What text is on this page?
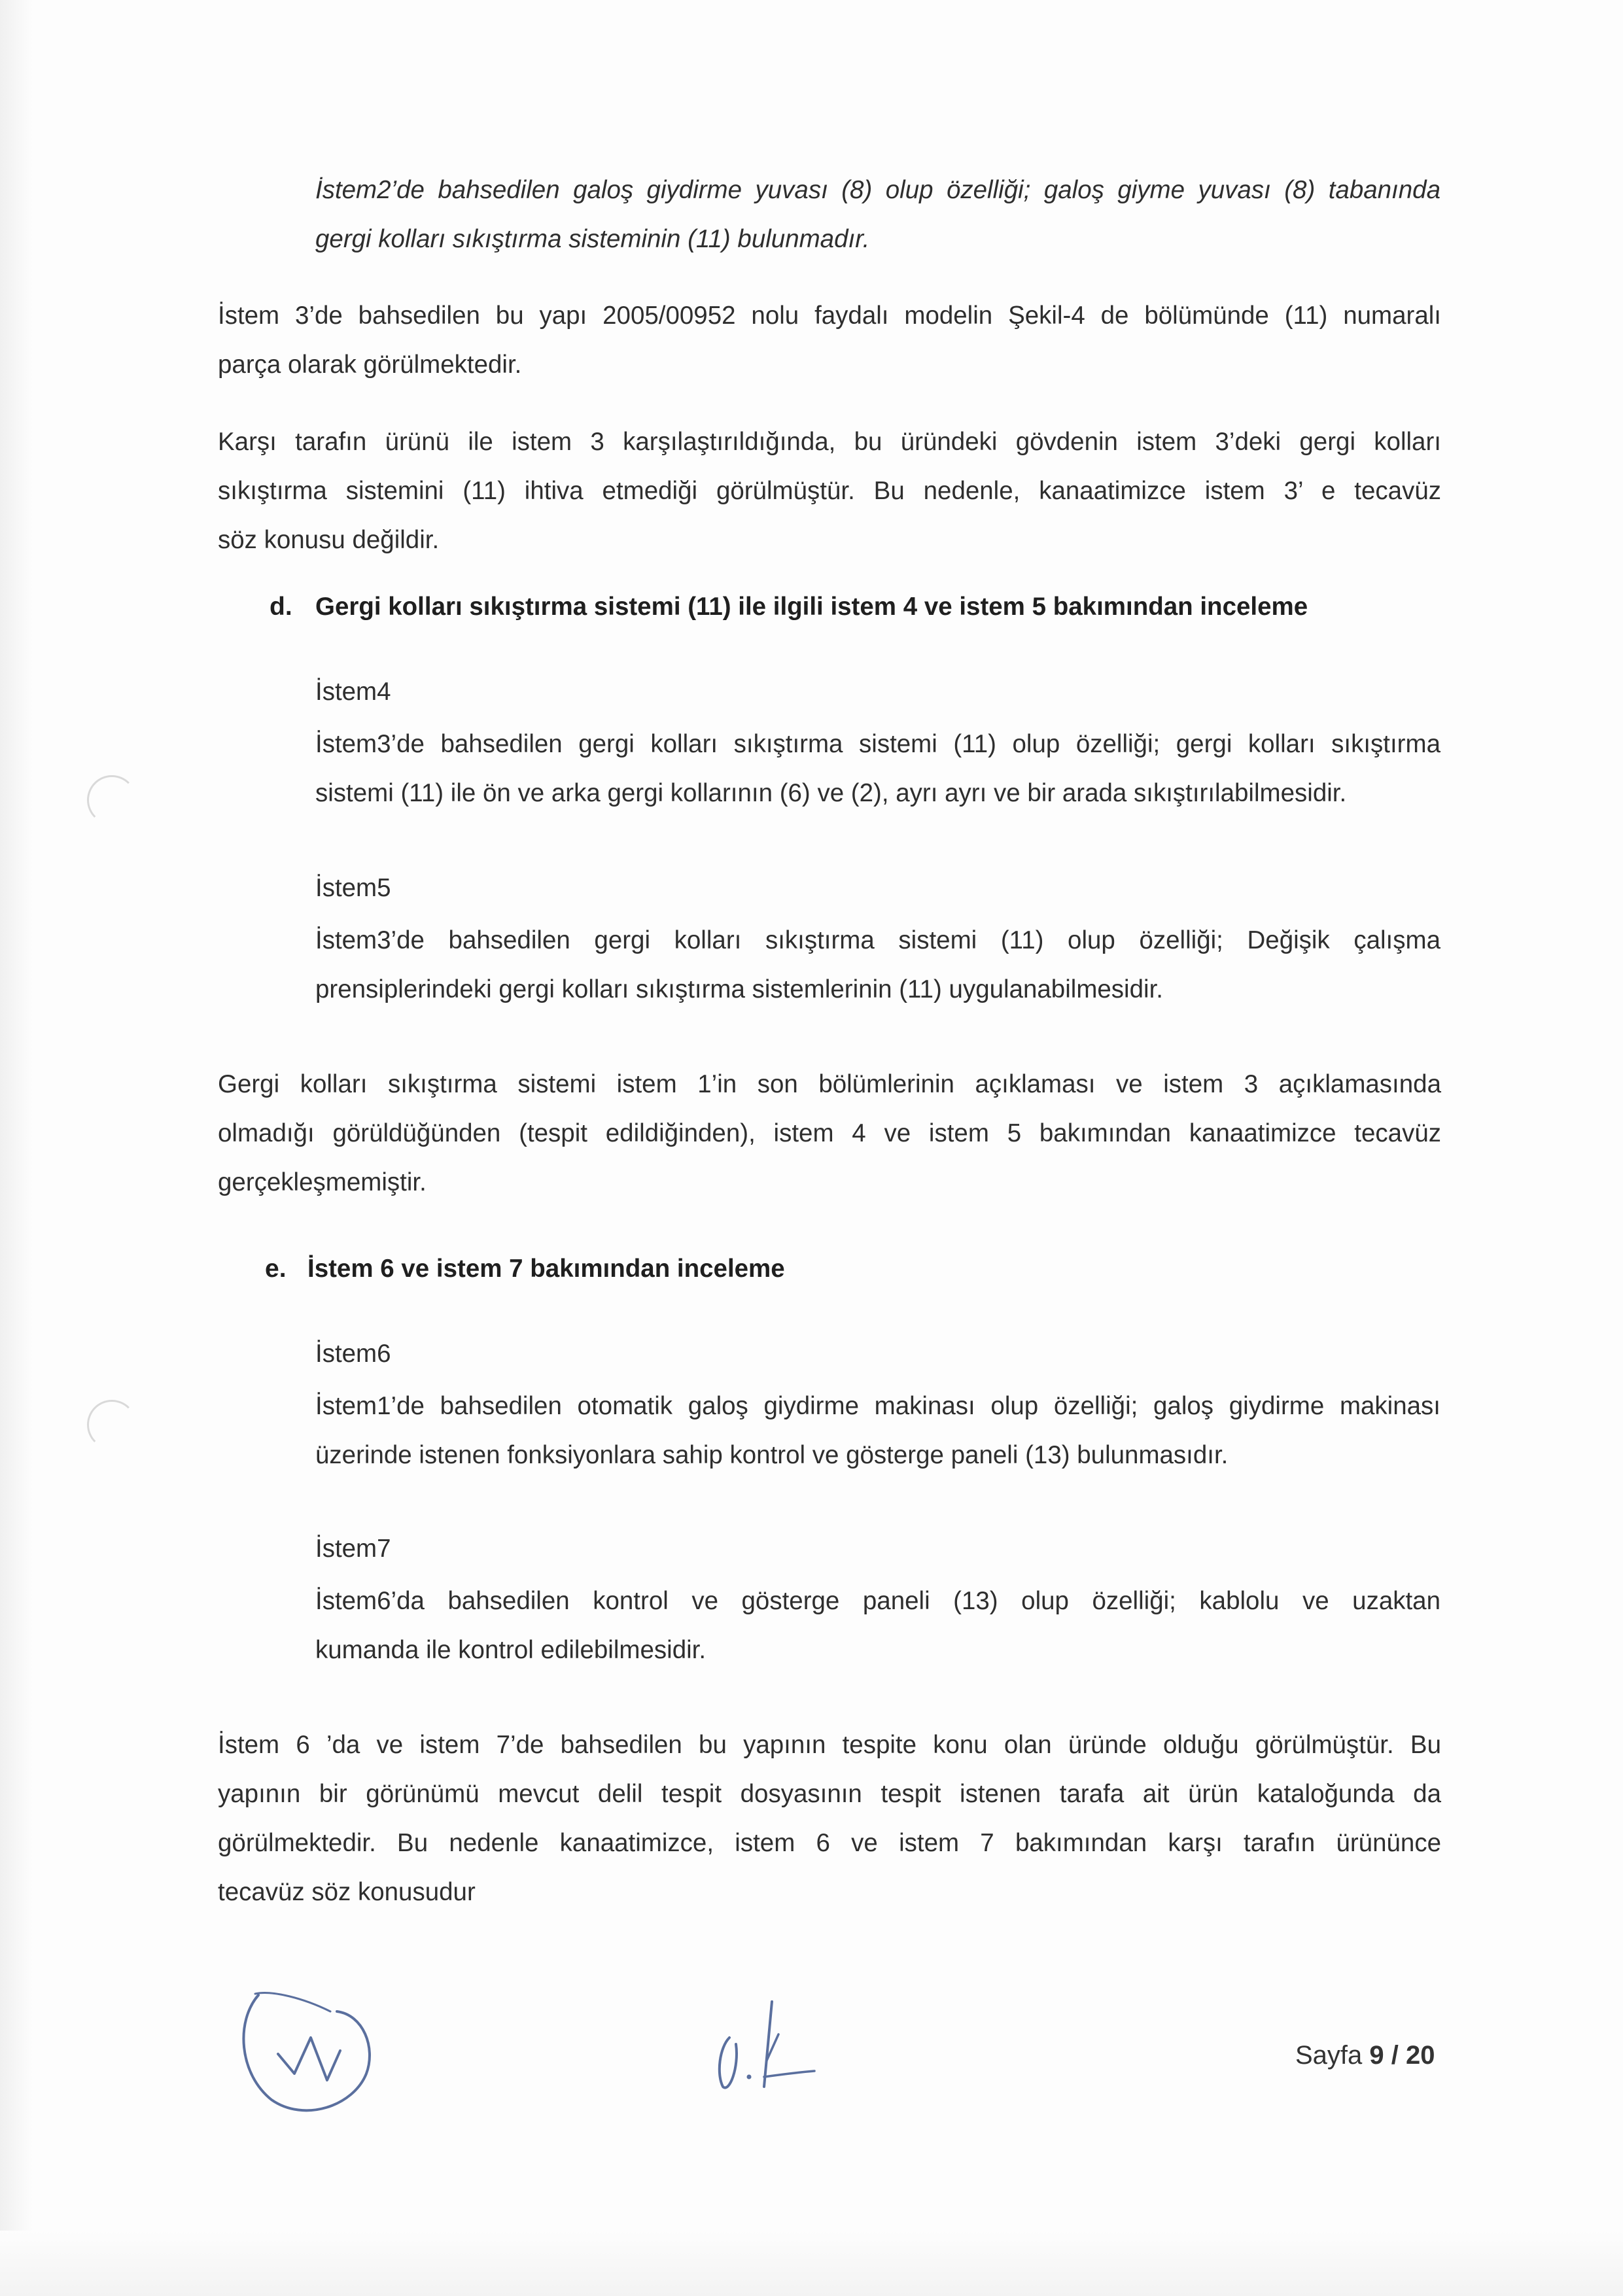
İstem2’de bahsedilen galoş giydirme yuvası (8) olup özelliği; galoş giyme yuvası (8) tabanında

gergi kolları sıkıştırma sisteminin (11) bulunmadır.

İstem 3’de bahsedilen bu yapı 2005/00952 nolu faydalı modelin Şekil-4 de bölümünde (11) numaralı

parça olarak görülmektedir.

Karşı tarafın ürünü ile istem 3 karşılaştırıldığında, bu üründeki gövdenin istem 3’deki gergi kolları

sıkıştırma sistemini (11) ihtiva etmediği görülmüştür. Bu nedenle, kanaatimizce istem 3’ e tecavüz

söz konusu değildir.

d. Gergi kolları sıkıştırma sistemi (11) ile ilgili istem 4 ve istem 5 bakımından inceleme

İstem4

İstem3’de bahsedilen gergi kolları sıkıştırma sistemi (11) olup özelliği; gergi kolları sıkıştırma

sistemi (11) ile ön ve arka gergi kollarının (6) ve (2), ayrı ayrı ve bir arada sıkıştırılabilmesidir.

İstem5

İstem3’de bahsedilen gergi kolları sıkıştırma sistemi (11) olup özelliği; Değişik çalışma

prensiplerindeki gergi kolları sıkıştırma sistemlerinin (11) uygulanabilmesidir.

Gergi kolları sıkıştırma sistemi istem 1’in son bölümlerinin açıklaması ve istem 3 açıklamasında

olmadığı görüldüğünden (tespit edildiğinden), istem 4 ve istem 5 bakımından kanaatimizce tecavüz

gerçekleşmemiştir.

e. İstem 6 ve istem 7 bakımından inceleme

İstem6

İstem1’de bahsedilen otomatik galoş giydirme makinası olup özelliği; galoş giydirme makinası

üzerinde istenen fonksiyonlara sahip kontrol ve gösterge paneli (13) bulunmasıdır.

İstem7

İstem6’da bahsedilen kontrol ve gösterge paneli (13) olup özelliği; kablolu ve uzaktan

kumanda ile kontrol edilebilmesidir.

İstem 6 ’da ve istem 7’de bahsedilen bu yapının tespite konu olan üründe olduğu görülmüştür. Bu

yapının bir görünümü mevcut delil tespit dosyasının tespit istenen tarafa ait ürün kataloğunda da

görülmektedir. Bu nedenle kanaatimizce, istem 6 ve istem 7 bakımından karşı tarafın ürününce

tecavüz söz konusudur

Sayfa 9 / 20
